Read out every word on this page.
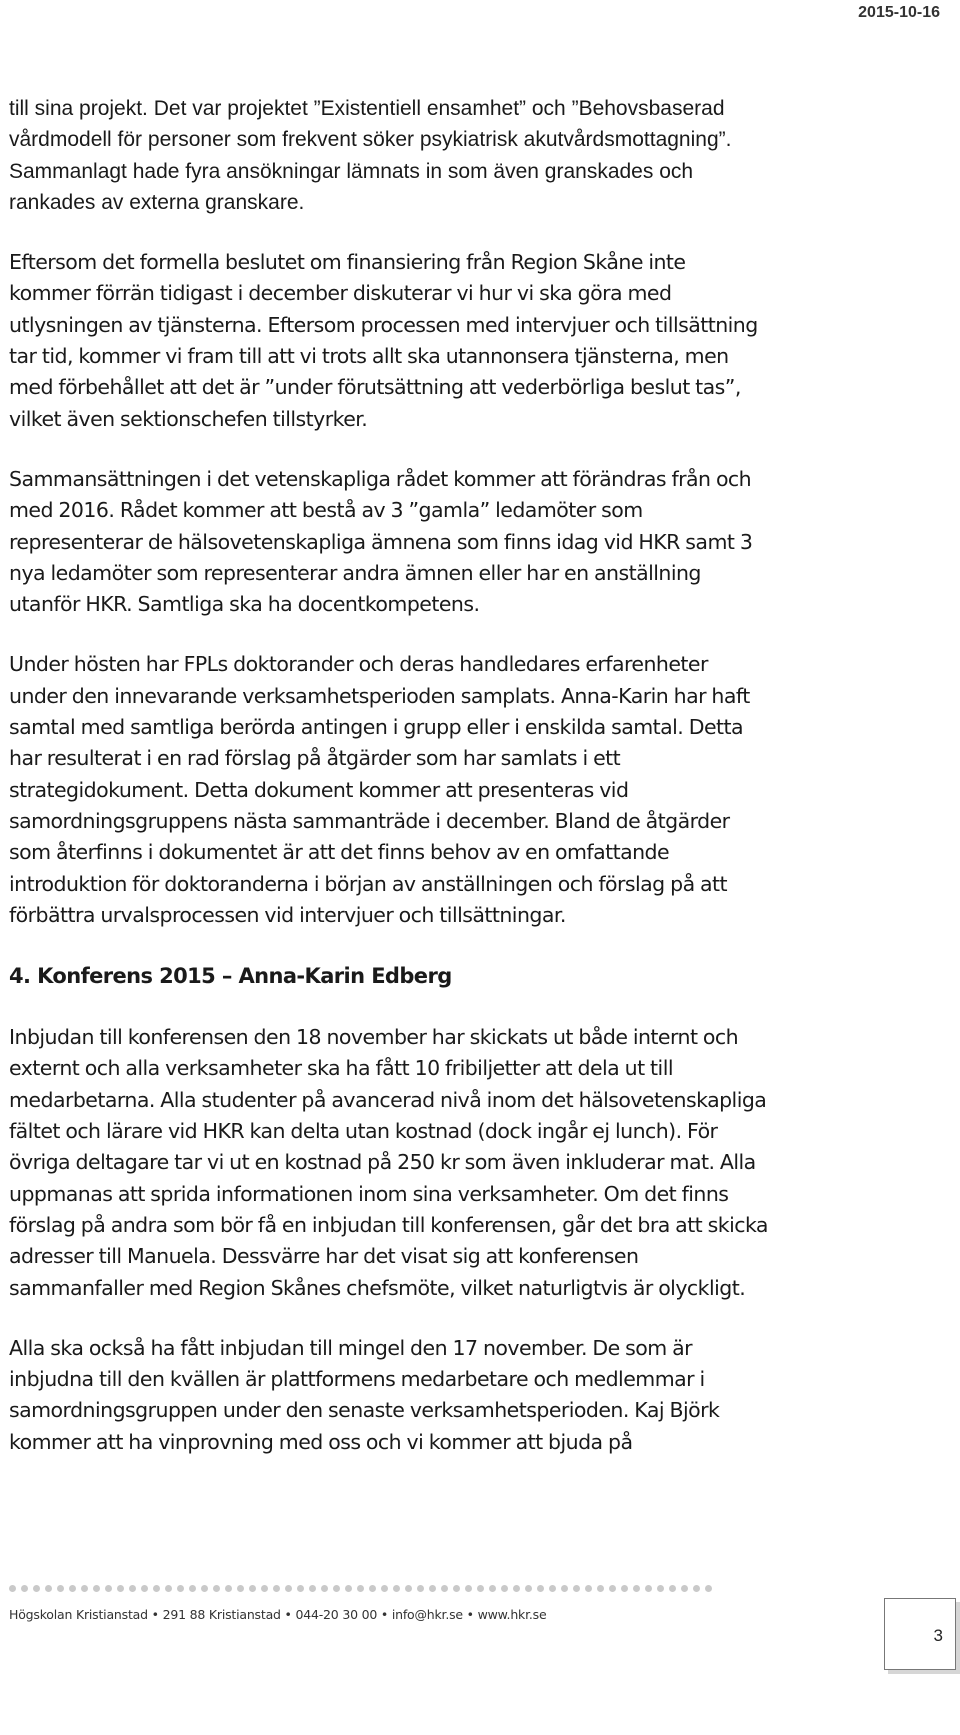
2015-10-16

till sina projekt. Det var projektet ”Existentiell ensamhet” och ”Behovsbaserad vårdmodell för personer som frekvent söker psykiatrisk akutvårdsmottagning”. Sammanlagt hade fyra ansökningar lämnats in som även granskades och rankades av externa granskare.

Eftersom det formella beslutet om finansiering från Region Skåne inte kommer förrän tidigast i december diskuterar vi hur vi ska göra med utlysningen av tjänsterna. Eftersom processen med intervjuer och tillsättning tar tid, kommer vi fram till att vi trots allt ska utannonsera tjänsterna, men med förbehållet att det är ”under förutsättning att vederbörliga beslut tas”, vilket även sektionschefen tillstyrker.

Sammansättningen i det vetenskapliga rådet kommer att förändras från och med 2016. Rådet kommer att bestå av 3 ”gamla” ledamöter som representerar de hälsovetenskapliga ämnena som finns idag vid HKR samt 3 nya ledamöter som representerar andra ämnen eller har en anställning utanför HKR. Samtliga ska ha docentkompetens.

Under hösten har FPLs doktorander och deras handledares erfarenheter under den innevarande verksamhetsperioden samplats. Anna-Karin har haft samtal med samtliga berörda antingen i grupp eller i enskilda samtal. Detta har resulterat i en rad förslag på åtgärder som har samlats i ett strategidokument. Detta dokument kommer att presenteras vid samordningsgruppens nästa sammanträde i december. Bland de åtgärder som återfinns i dokumentet är att det finns behov av en omfattande introduktion för doktoranderna i början av anställningen och förslag på att förbättra urvalsprocessen vid intervjuer och tillsättningar.

4. Konferens 2015 – Anna-Karin Edberg

Inbjudan till konferensen den 18 november har skickats ut både internt och externt och alla verksamheter ska ha fått 10 fribiljetter att dela ut till medarbetarna. Alla studenter på avancerad nivå inom det hälsovetenskapliga fältet och lärare vid HKR kan delta utan kostnad (dock ingår ej lunch). För övriga deltagare tar vi ut en kostnad på 250 kr som även inkluderar mat. Alla uppmanas att sprida informationen inom sina verksamheter. Om det finns förslag på andra som bör få en inbjudan till konferensen, går det bra att skicka adresser till Manuela. Dessvärre har det visat sig att konferensen sammanfaller med Region Skånes chefsmöte, vilket naturligtvis är olyckligt.

Alla ska också ha fått inbjudan till mingel den 17 november. De som är inbjudna till den kvällen är plattformens medarbetare och medlemmar i samordningsgruppen under den senaste verksamhetsperioden. Kaj Björk kommer att ha vinprovning med oss och vi kommer att bjuda på

Högskolan Kristianstad • 291 88 Kristianstad • 044-20 30 00 • info@hkr.se • www.hkr.se
3
